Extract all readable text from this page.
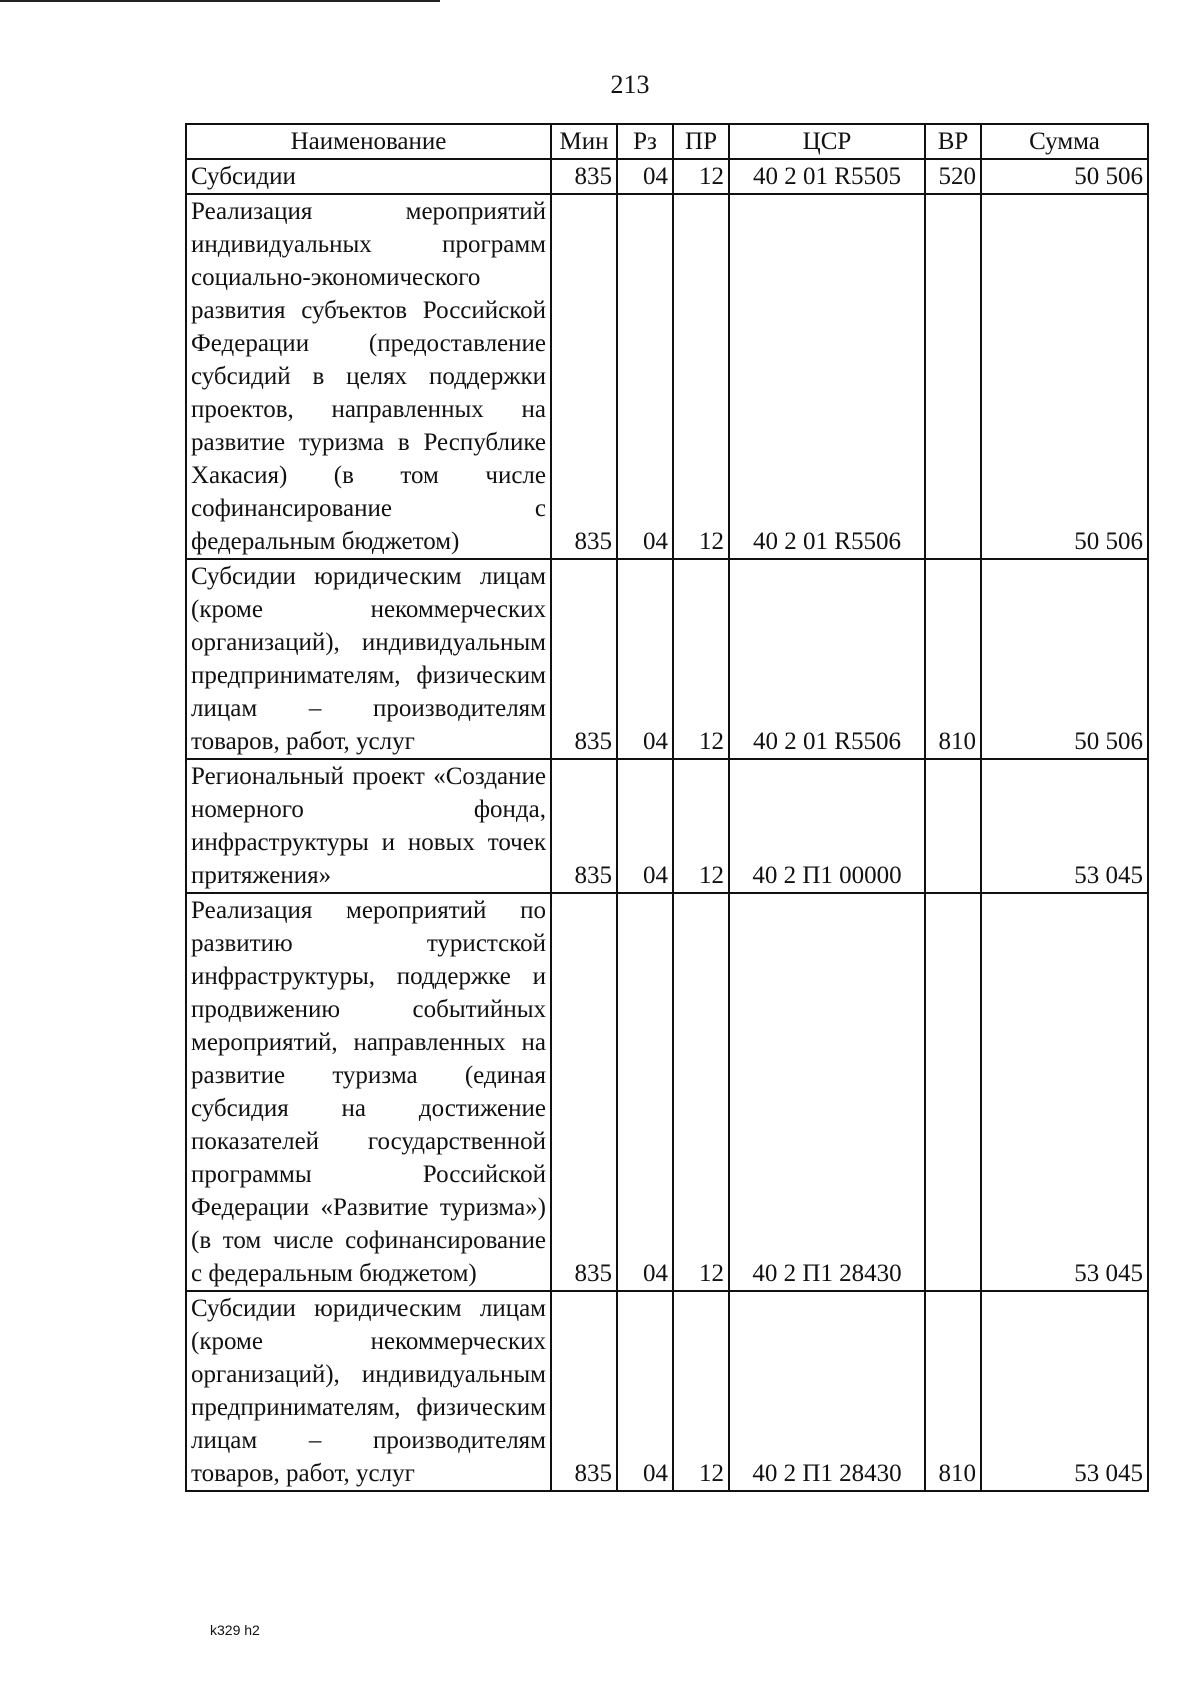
213
Наименование	Мин	Рз	ПР	ЦСР	ВР	Сумма
Субсидии	835	04	12	40 2 01 R5505	520	50 506
Реализация мероприятий индивидуальных программ социально-экономического развития субъектов Российской Федерации (предоставление субсидий в целях поддержки проектов, направленных на развитие туризма в Республике Хакасия) (в том числе софинансирование с федеральным бюджетом)	835	04	12	40 2 01 R5506		50 506
Субсидии юридическим лицам (кроме некоммерческих организаций), индивидуальным предпринимателям, физическим лицам – производителям товаров, работ, услуг	835	04	12	40 2 01 R5506	810	50 506
Региональный проект «Создание номерного фонда, инфраструктуры и новых точек притяжения»	835	04	12	40 2 П1 00000		53 045
Реализация мероприятий по развитию туристской инфраструктуры, поддержке и продвижению событийных мероприятий, направленных на развитие туризма (единая субсидия на достижение показателей государственной программы Российской Федерации «Развитие туризма») (в том числе софинансирование с федеральным бюджетом)	835	04	12	40 2 П1 28430		53 045
Субсидии юридическим лицам (кроме некоммерческих организаций), индивидуальным предпринимателям, физическим лицам – производителям товаров, работ, услуг	835	04	12	40 2 П1 28430	810	53 045
k329 h2
